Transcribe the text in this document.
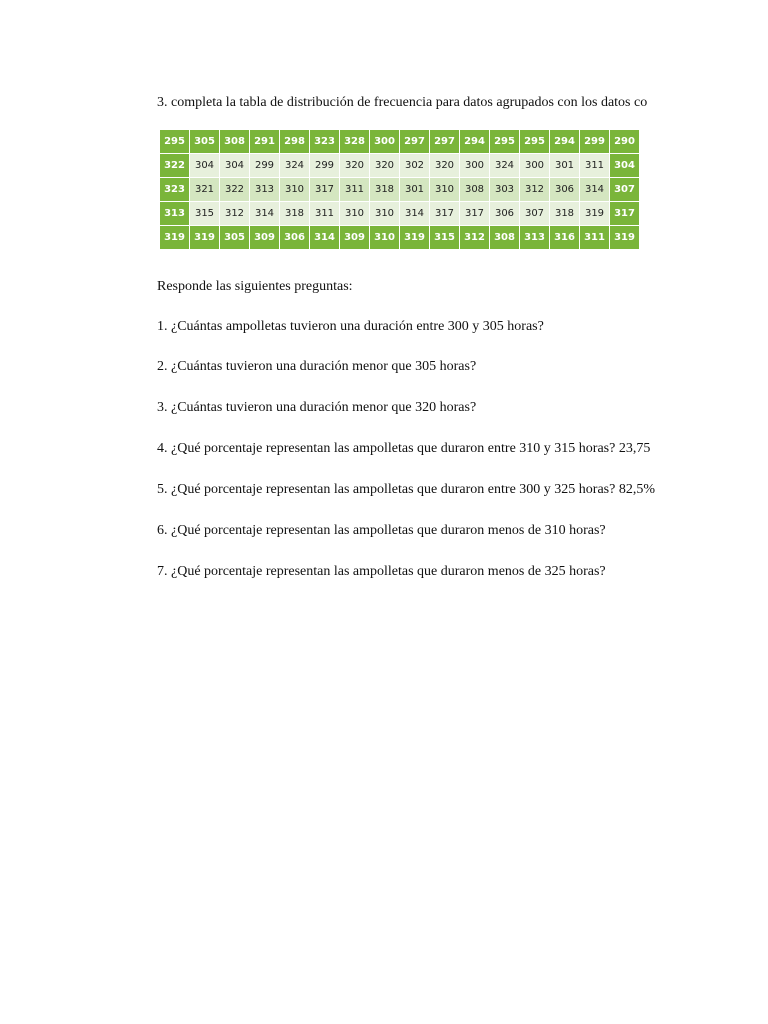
3. completa la tabla de distribución de frecuencia para datos agrupados con los datos co
295	305	308	291	298	323	328	300	297	297	294	295	295	294	299	290
322	304	304	299	324	299	320	320	302	320	300	324	300	301	311	304
323	321	322	313	310	317	311	318	301	310	308	303	312	306	314	307
313	315	312	314	318	311	310	310	314	317	317	306	307	318	319	317
319	319	305	309	306	314	309	310	319	315	312	308	313	316	311	319
Responde las siguientes preguntas:
1. ¿Cuántas ampolletas tuvieron una duración entre 300 y 305 horas?
2. ¿Cuántas tuvieron una duración menor que 305 horas?
3. ¿Cuántas tuvieron una duración menor que 320 horas?
4. ¿Qué porcentaje representan las ampolletas que duraron entre 310 y 315 horas? 23,75
5. ¿Qué porcentaje representan las ampolletas que duraron entre 300 y 325 horas? 82,5%
6. ¿Qué porcentaje representan las ampolletas que duraron menos de 310 horas?
7. ¿Qué porcentaje representan las ampolletas que duraron menos de 325 horas?
